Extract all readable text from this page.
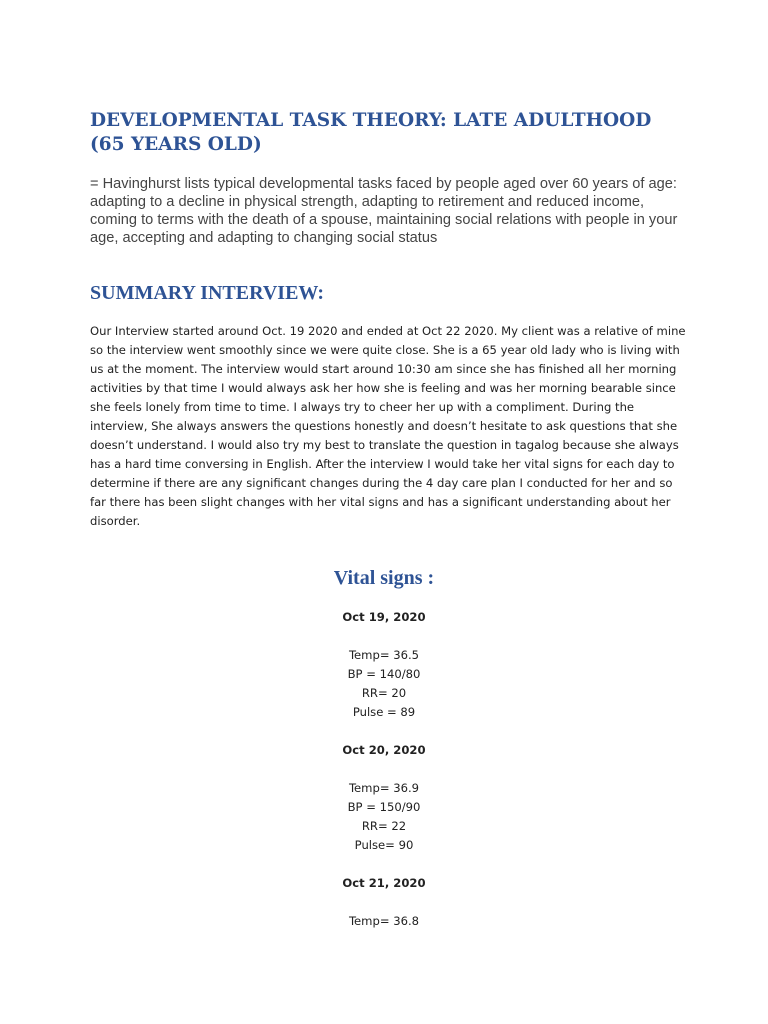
DEVELOPMENTAL TASK THEORY: LATE ADULTHOOD (65 YEARS OLD)

= Havinghurst lists typical developmental tasks faced by people aged over 60 years of age: adapting to a decline in physical strength, adapting to retirement and reduced income, coming to terms with the death of a spouse, maintaining social relations with people in your age, accepting and adapting to changing social status

SUMMARY INTERVIEW:

Our Interview started around Oct. 19 2020 and ended at Oct 22 2020. My client was a relative of mine so the interview went smoothly since we were quite close. She is a 65 year old lady who is living with us at the moment. The interview would start around 10:30 am since she has finished all her morning activities by that time I would always ask her how she is feeling and was her morning bearable since she feels lonely from time to time. I always try to cheer her up with a compliment. During the interview, She always answers the questions honestly and doesn’t hesitate to ask questions that she doesn’t understand. I would also try my best to translate the question in tagalog because she always has a hard time conversing in English. After the interview I would take her vital signs for each day to determine if there are any significant changes during the 4 day care plan I conducted for her and so far there has been slight changes with her vital signs and has a significant understanding about her disorder.

Vital signs :

Oct 19, 2020

Temp= 36.5

BP = 140/80

RR= 20

Pulse = 89

Oct 20, 2020

Temp= 36.9

BP = 150/90

RR= 22

Pulse= 90

Oct 21, 2020

Temp= 36.8
